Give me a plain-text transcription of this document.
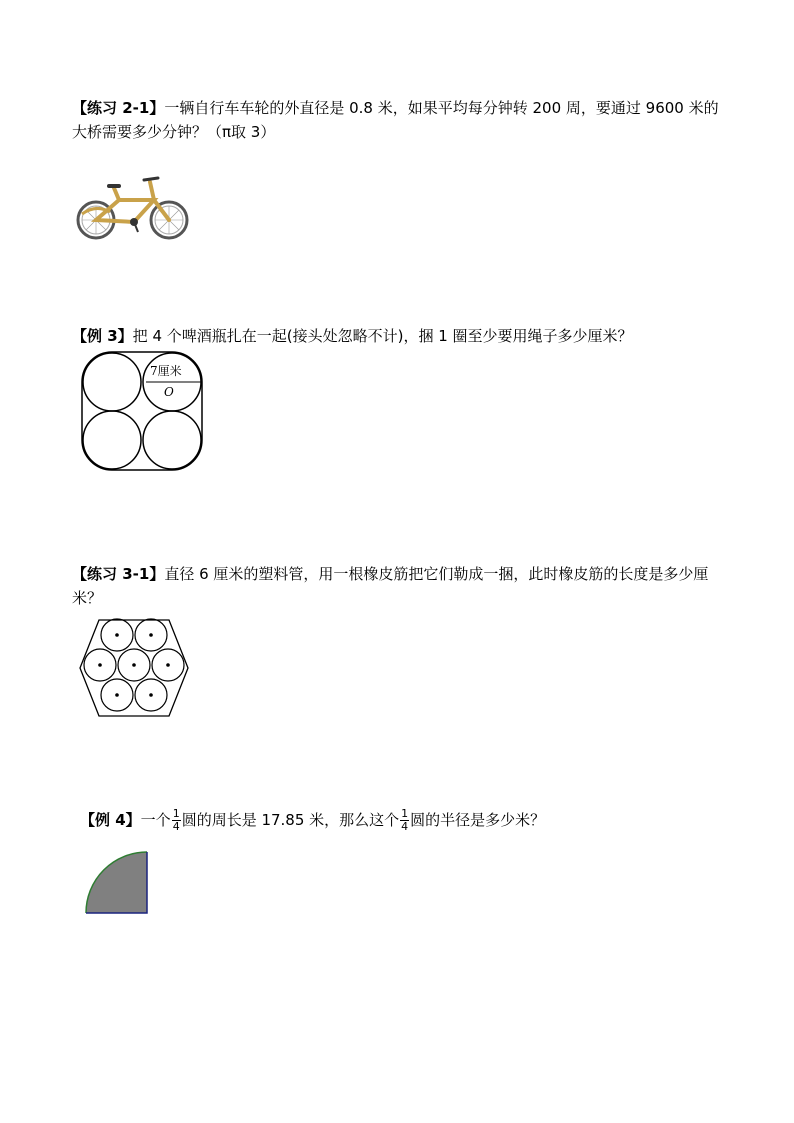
【练习 2-1】一辆自行车车轮的外直径是 0.8 米，如果平均每分钟转 200 周，要通过 9600 米的大桥需要多少分钟？（π取 3）
【例 3】把 4 个啤酒瓶扎在一起(接头处忽略不计)，捆 1 圈至少要用绳子多少厘米？
7厘米
O
【练习 3-1】直径 6 厘米的塑料管，用一根橡皮筋把它们勒成一捆，此时橡皮筋的长度是多少厘米？
【例 4】一个 $\frac{1}{4}$ 圆的周长是 17.85 米，那么这个 $\frac{1}{4}$ 圆的半径是多少米？
